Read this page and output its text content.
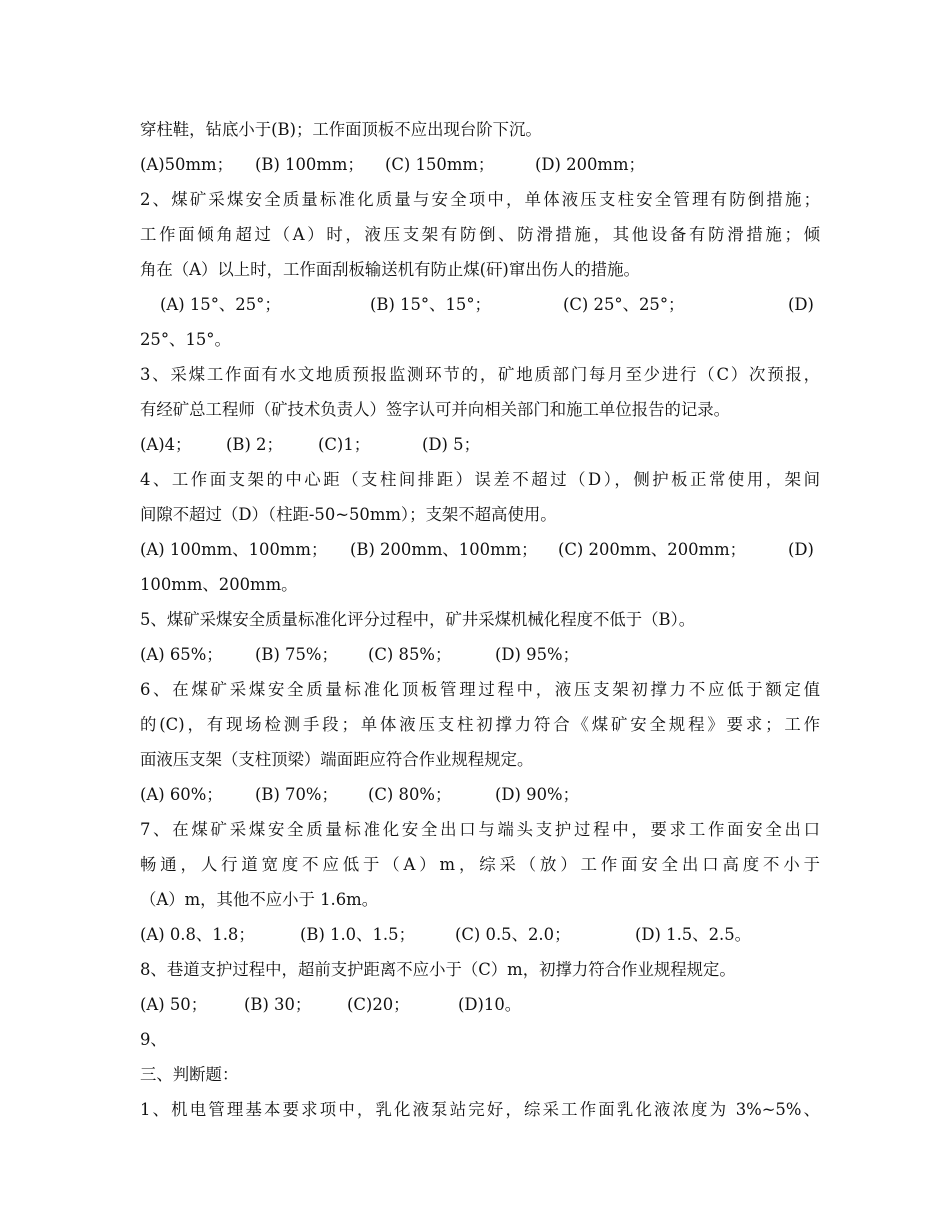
穿柱鞋，钻底小于(B)；工作面顶板不应出现台阶下沉。
(A)50mm； (B) 100mm； (C) 150mm； (D) 200mm；
2、煤矿采煤安全质量标准化质量与安全项中，单体液压支柱安全管理有防倒措施；
工作面倾角超过（A）时，液压支架有防倒、防滑措施，其他设备有防滑措施；倾
角在（A）以上时，工作面刮板输送机有防止煤(矸)窜出伤人的措施。
(A) 15°、25°；	(B) 15°、15°；	(C) 25°、25°；	(D)
25°、15°。
3、采煤工作面有水文地质预报监测环节的，矿地质部门每月至少进行（C）次预报，
有经矿总工程师（矿技术负责人）签字认可并向相关部门和施工单位报告的记录。
(A)4； (B) 2； (C)1；	(D) 5；
4、工作面支架的中心距（支柱间排距）误差不超过（D），侧护板正常使用，架间
间隙不超过（D）（柱距-50~50mm）；支架不超高使用。
(A) 100mm、100mm； (B) 200mm、100mm； (C) 200mm、200mm；	(D)
100mm、200mm。
5、煤矿采煤安全质量标准化评分过程中，矿井采煤机械化程度不低于（B）。
(A) 65%； (B) 75%； (C) 85%；	(D) 95%；
6、在煤矿采煤安全质量标准化顶板管理过程中，液压支架初撑力不应低于额定值
的(C)，有现场检测手段；单体液压支柱初撑力符合《煤矿安全规程》要求；工作
面液压支架（支柱顶梁）端面距应符合作业规程规定。
(A) 60%； (B) 70%； (C) 80%；	(D) 90%；
7、在煤矿采煤安全质量标准化安全出口与端头支护过程中，要求工作面安全出口
畅通，人行道宽度不应低于（A）m，综采（放）工作面安全出口高度不小于
（A）m，其他不应小于 1.6m。
(A) 0.8、1.8；	(B) 1.0、1.5； (C) 0.5、2.0；	(D) 1.5、2.5。
8、巷道支护过程中，超前支护距离不应小于（C）m，初撑力符合作业规程规定。
(A) 50； (B) 30； (C)20；	(D)10。
9、
三、判断题：
1、机电管理基本要求项中，乳化液泵站完好，综采工作面乳化液浓度为 3%~5%、
